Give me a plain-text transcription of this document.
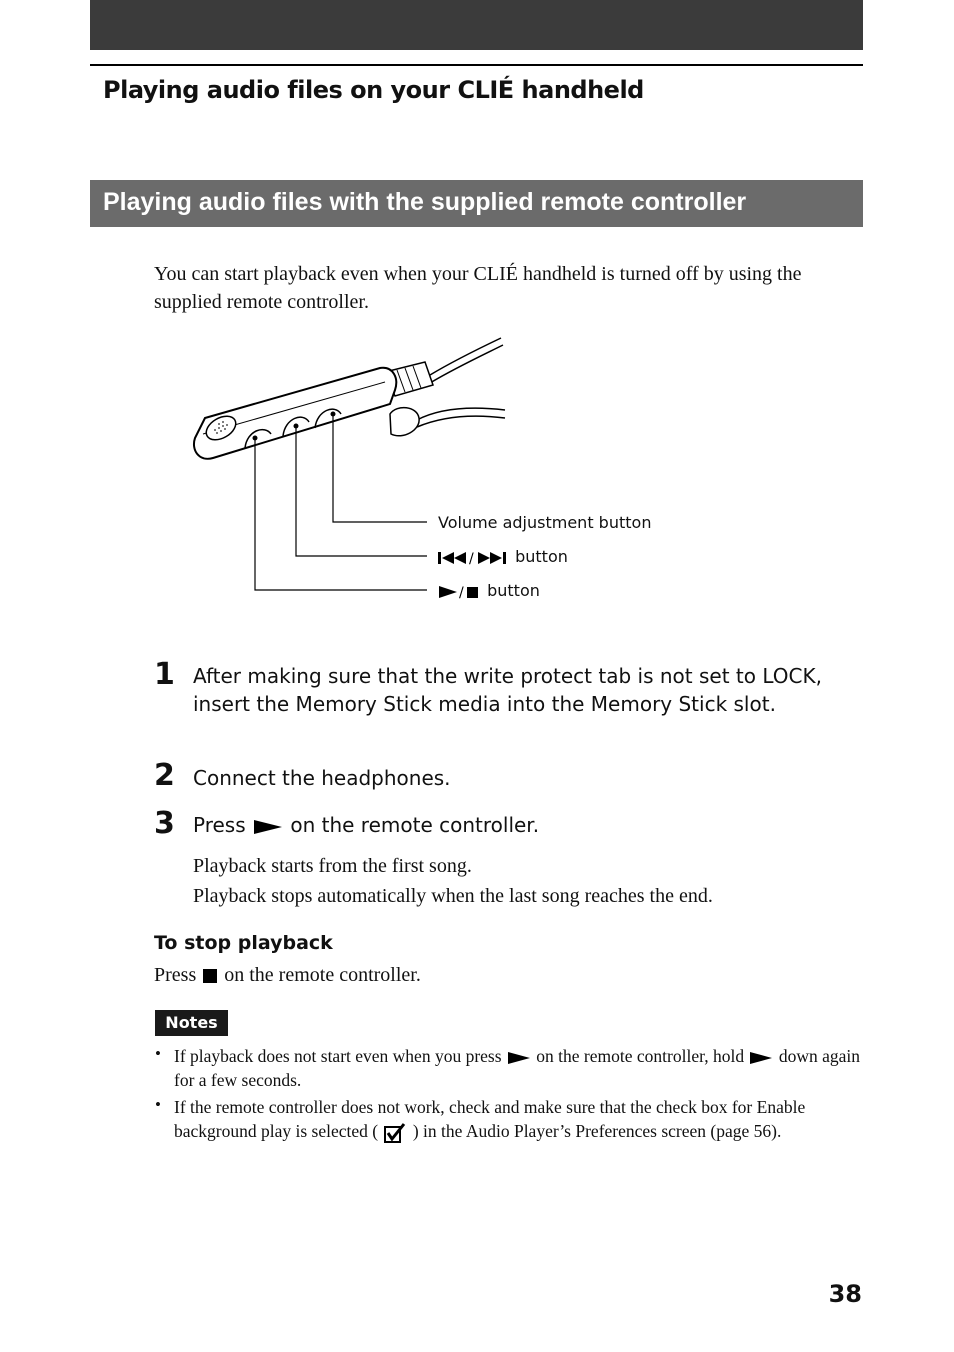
Playing audio files on your CLIÉ handheld
Playing audio files with the supplied remote controller
You can start playback even when your CLIÉ handheld is turned off by using the supplied remote controller.
Volume adjustment button
/	button
/ button
1 After making sure that the write protect tab is not set to LOCK, insert the Memory Stick media into the Memory Stick slot.
2 Connect the headphones.
3 Press on the remote controller.
Playback starts from the first song.
Playback stops automatically when the last song reaches the end.
To stop playback
Press on the remote controller.
Notes
• If playback does not start even when you press on the remote controller, hold down again for a few seconds.
• If the remote controller does not work, check and make sure that the check box for Enable background play is selected ( ) in the Audio Player’s Preferences screen (page 56).
38
